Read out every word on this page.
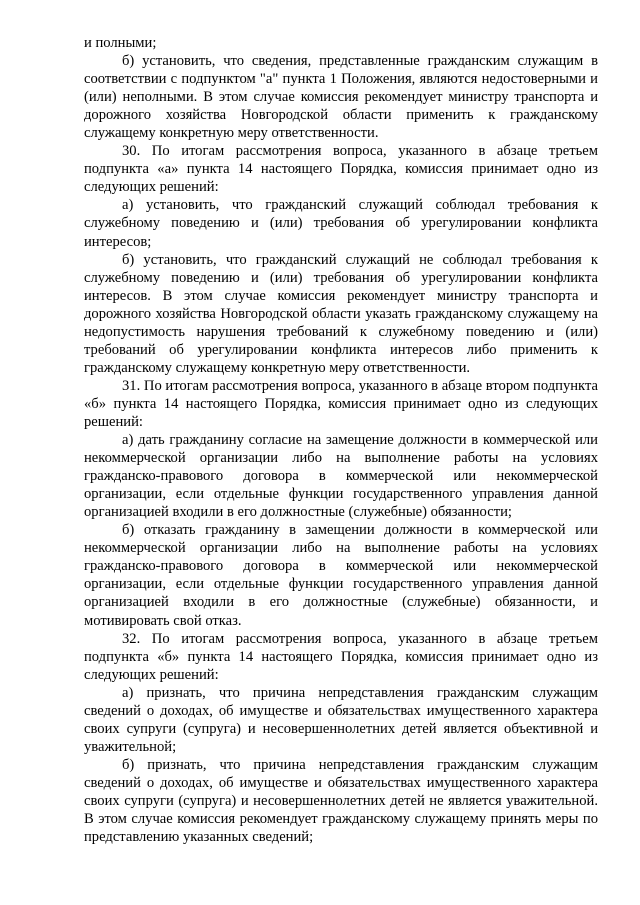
и полными;

б) установить, что сведения, представленные гражданским служащим в соответствии с подпунктом "а" пункта 1 Положения, являются недостоверными и (или) неполными. В этом случае комиссия рекомендует министру транспорта и дорожного хозяйства Новгородской области применить к гражданскому служащему конкретную меру ответственности.

30. По итогам рассмотрения вопроса, указанного в абзаце третьем подпункта «а» пункта 14 настоящего Порядка, комиссия принимает одно из следующих решений:

а) установить, что гражданский служащий соблюдал требования к служебному поведению и (или) требования об урегулировании конфликта интересов;

б) установить, что гражданский служащий не соблюдал требования к служебному поведению и (или) требования об урегулировании конфликта интересов. В этом случае комиссия рекомендует министру транспорта и дорожного хозяйства Новгородской области указать гражданскому служащему на недопустимость нарушения требований к служебному поведению и (или) требований об урегулировании конфликта интересов либо применить к гражданскому служащему конкретную меру ответственности.

31. По итогам рассмотрения вопроса, указанного в абзаце втором подпункта «б» пункта 14 настоящего Порядка, комиссия принимает одно из следующих решений:

а) дать гражданину согласие на замещение должности в коммерческой или некоммерческой организации либо на выполнение работы на условиях гражданско-правового договора в коммерческой или некоммерческой организации, если отдельные функции государственного управления данной организацией входили в его должностные (служебные) обязанности;

б) отказать гражданину в замещении должности в коммерческой или некоммерческой организации либо на выполнение работы на условиях гражданско-правового договора в коммерческой или некоммерческой организации, если отдельные функции государственного управления данной организацией входили в его должностные (служебные) обязанности, и мотивировать свой отказ.

32. По итогам рассмотрения вопроса, указанного в абзаце третьем подпункта «б» пункта 14 настоящего Порядка, комиссия принимает одно из следующих решений:

а) признать, что причина непредставления гражданским служащим сведений о доходах, об имуществе и обязательствах имущественного характера своих супруги (супруга) и несовершеннолетних детей является объективной и уважительной;

б) признать, что причина непредставления гражданским служащим сведений о доходах, об имуществе и обязательствах имущественного характера своих супруги (супруга) и несовершеннолетних детей не является уважительной. В этом случае комиссия рекомендует гражданскому служащему принять меры по представлению указанных сведений;
